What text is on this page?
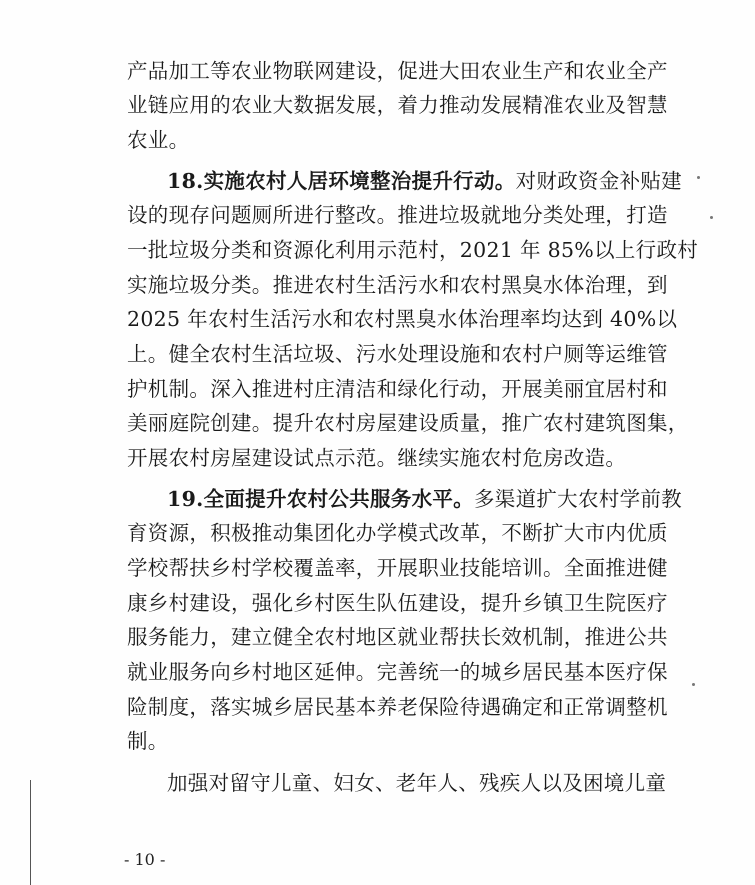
产品加工等农业物联网建设，促进大田农业生产和农业全产
业链应用的农业大数据发展，着力推动发展精准农业及智慧
农业。
18.实施农村人居环境整治提升行动。对财政资金补贴建
设的现存问题厕所进行整改。推进垃圾就地分类处理，打造
一批垃圾分类和资源化利用示范村，2021 年 85%以上行政村
实施垃圾分类。推进农村生活污水和农村黑臭水体治理，到
2025 年农村生活污水和农村黑臭水体治理率均达到 40%以
上。健全农村生活垃圾、污水处理设施和农村户厕等运维管
护机制。深入推进村庄清洁和绿化行动，开展美丽宜居村和
美丽庭院创建。提升农村房屋建设质量，推广农村建筑图集，
开展农村房屋建设试点示范。继续实施农村危房改造。
19.全面提升农村公共服务水平。多渠道扩大农村学前教
育资源，积极推动集团化办学模式改革，不断扩大市内优质
学校帮扶乡村学校覆盖率，开展职业技能培训。全面推进健
康乡村建设，强化乡村医生队伍建设，提升乡镇卫生院医疗
服务能力，建立健全农村地区就业帮扶长效机制，推进公共
就业服务向乡村地区延伸。完善统一的城乡居民基本医疗保
险制度，落实城乡居民基本养老保险待遇确定和正常调整机
制。
加强对留守儿童、妇女、老年人、残疾人以及困境儿童
- 10 -
